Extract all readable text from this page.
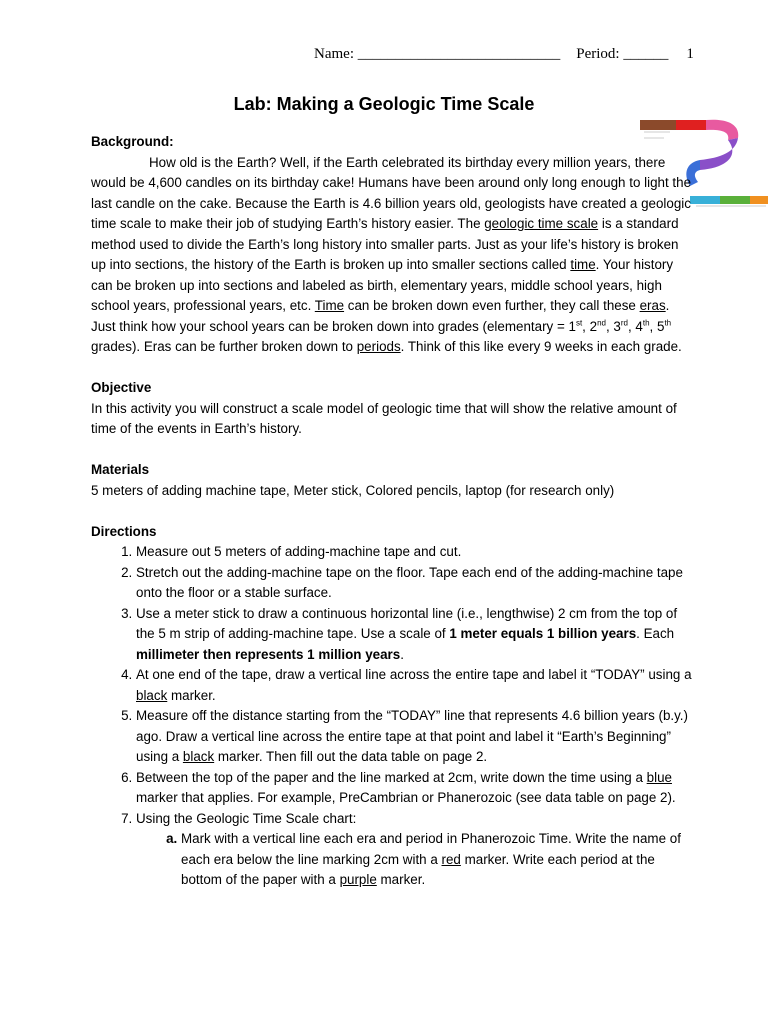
Name: ___________________________ Period: ______ 1
Lab: Making a Geologic Time Scale

Background:

How old is the Earth? Well, if the Earth celebrated its birthday every million years, there would be 4,600 candles on its birthday cake! Humans have been around only long enough to light the last candle on the cake. Because the Earth is 4.6 billion years old, geologists have created a geologic time scale to make their job of studying Earth’s history easier. The geologic time scale is a standard method used to divide the Earth’s long history into smaller parts. Just as your life’s history is broken up into sections, the history of the Earth is broken up into smaller sections called time. Your history can be broken up into sections and labeled as birth, elementary years, middle school years, high school years, professional years, etc. Time can be broken down even further, they call these eras. Just think how your school years can be broken down into grades (elementary = 1st, 2nd, 3rd, 4th, 5th grades). Eras can be further broken down to periods. Think of this like every 9 weeks in each grade.

Objective

In this activity you will construct a scale model of geologic time that will show the relative amount of time of the events in Earth’s history.

Materials

5 meters of adding machine tape, Meter stick, Colored pencils, laptop (for research only)

Directions

1. Measure out 5 meters of adding-machine tape and cut.
2. Stretch out the adding-machine tape on the floor. Tape each end of the adding-machine tape onto the floor or a stable surface.
3. Use a meter stick to draw a continuous horizontal line (i.e., lengthwise) 2 cm from the top of the 5 m strip of adding-machine tape. Use a scale of 1 meter equals 1 billion years. Each millimeter then represents 1 million years.
4. At one end of the tape, draw a vertical line across the entire tape and label it “TODAY” using a black marker.
5. Measure off the distance starting from the “TODAY” line that represents 4.6 billion years (b.y.) ago. Draw a vertical line across the entire tape at that point and label it “Earth’s Beginning” using a black marker. Then fill out the data table on page 2.
6. Between the top of the paper and the line marked at 2cm, write down the time using a blue marker that applies. For example, PreCambrian or Phanerozoic (see data table on page 2).
7. Using the Geologic Time Scale chart:
a. Mark with a vertical line each era and period in Phanerozoic Time. Write the name of each era below the line marking 2cm with a red marker. Write each period at the bottom of the paper with a purple marker.
